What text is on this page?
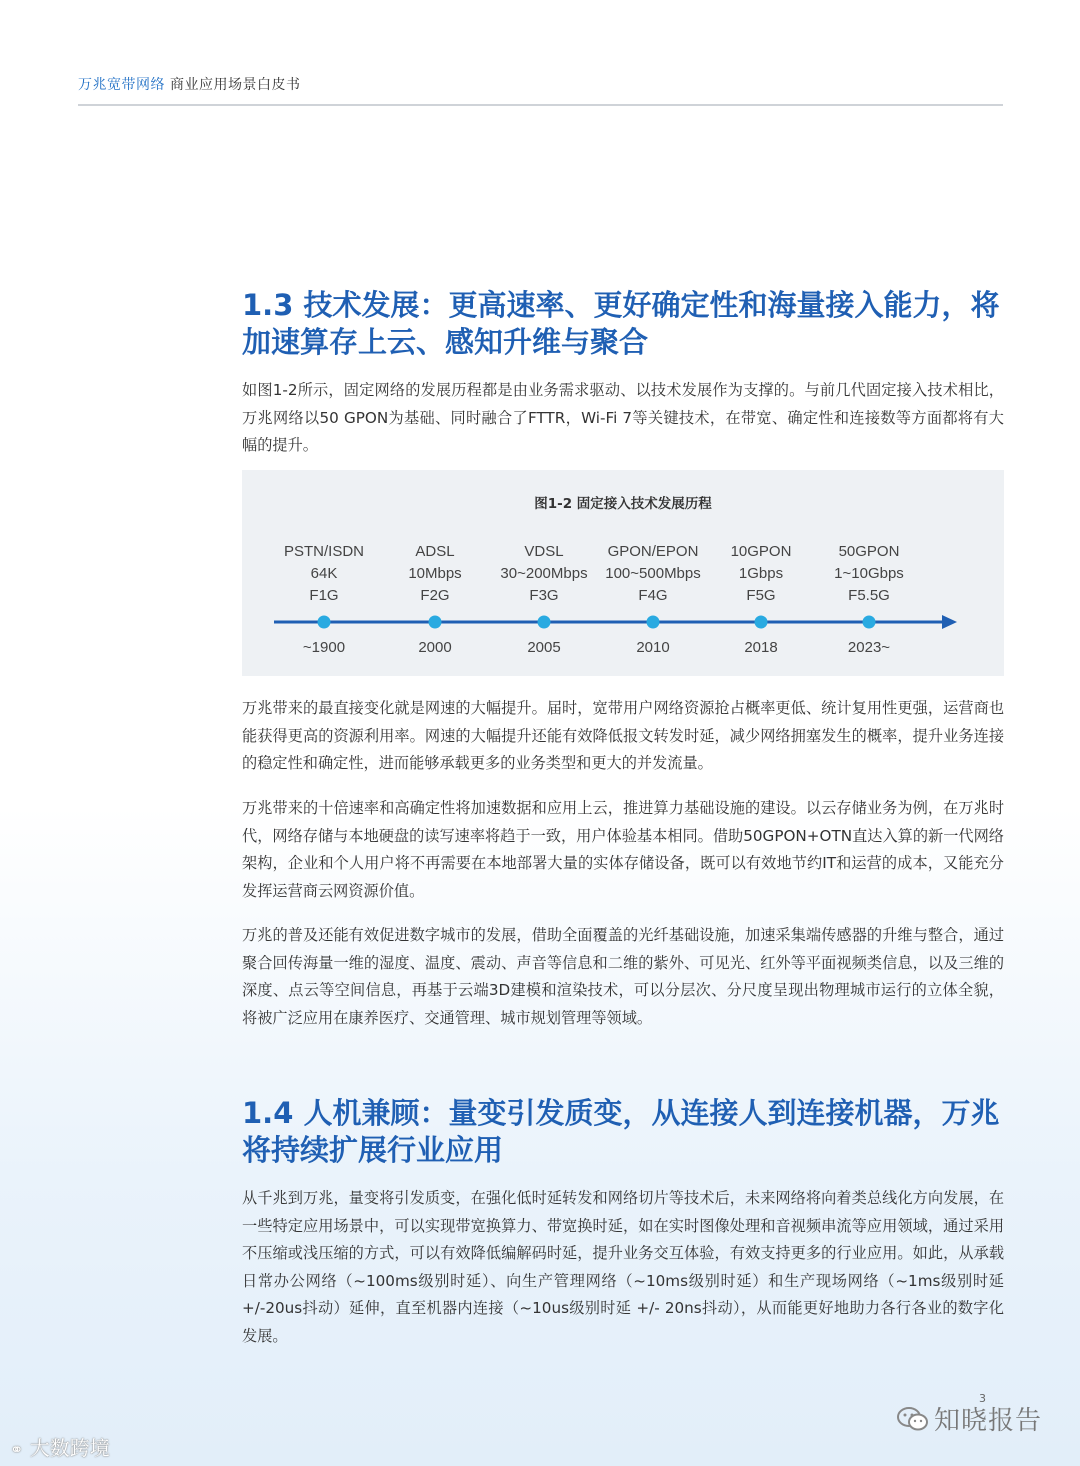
万兆宽带网络 商业应用场景白皮书
1.3 技术发展：更高速率、更好确定性和海量接入能力，将
加速算存上云、感知升维与聚合

如图1-2所示，固定网络的发展历程都是由业务需求驱动、以技术发展作为支撑的。与前几代固定接入技术相比，万兆网络以50 GPON为基础、同时融合了FTTR，Wi-Fi 7等关键技术，在带宽、确定性和连接数等方面都将有大幅的提升。

图1-2 固定接入技术发展历程
PSTN/ISDN
64K
F1G
~1900
ADSL
10Mbps
F2G
2000
VDSL
30~200Mbps
F3G
2005
GPON/EPON
100~500Mbps
F4G
2010
10GPON
1Gbps
F5G
2018
50GPON
1~10Gbps
F5.5G
2023~

万兆带来的最直接变化就是网速的大幅提升。届时，宽带用户网络资源抢占概率更低、统计复用性更强，运营商也能获得更高的资源利用率。网速的大幅提升还能有效降低报文转发时延，减少网络拥塞发生的概率，提升业务连接的稳定性和确定性，进而能够承载更多的业务类型和更大的并发流量。

万兆带来的十倍速率和高确定性将加速数据和应用上云，推进算力基础设施的建设。以云存储业务为例，在万兆时代，网络存储与本地硬盘的读写速率将趋于一致，用户体验基本相同。借助50GPON+OTN直达入算的新一代网络架构，企业和个人用户将不再需要在本地部署大量的实体存储设备，既可以有效地节约IT和运营的成本，又能充分发挥运营商云网资源价值。

万兆的普及还能有效促进数字城市的发展，借助全面覆盖的光纤基础设施，加速采集端传感器的升维与整合，通过聚合回传海量一维的湿度、温度、震动、声音等信息和二维的紫外、可见光、红外等平面视频类信息，以及三维的深度、点云等空间信息，再基于云端3D建模和渲染技术，可以分层次、分尺度呈现出物理城市运行的立体全貌，将被广泛应用在康养医疗、交通管理、城市规划管理等领域。

1.4 人机兼顾：量变引发质变，从连接人到连接机器，万兆
将持续扩展行业应用

从千兆到万兆，量变将引发质变，在强化低时延转发和网络切片等技术后，未来网络将向着类总线化方向发展，在一些特定应用场景中，可以实现带宽换算力、带宽换时延，如在实时图像处理和音视频串流等应用领域，通过采用不压缩或浅压缩的方式，可以有效降低编解码时延，提升业务交互体验，有效支持更多的行业应用。如此，从承载日常办公网络（~100ms级别时延）、向生产管理网络（~10ms级别时延）和生产现场网络（~1ms级别时延+/-20us抖动）延伸，直至机器内连接（~10us级别时延 +/- 20ns抖动），从而能更好地助力各行各业的数字化发展。

3
知晓报告
⚭ 大数跨境
